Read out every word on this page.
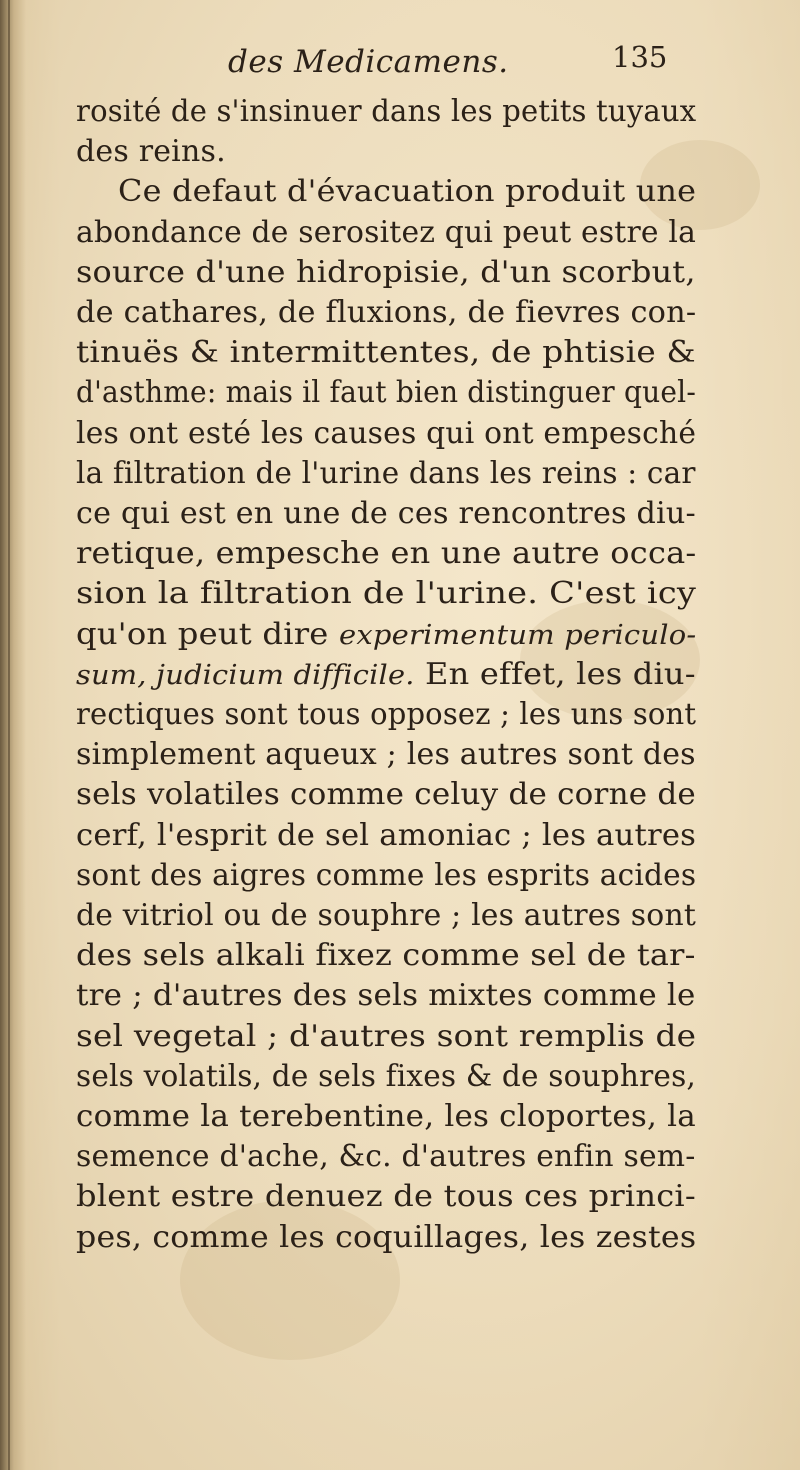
des Medicamens.	135
rosité de s'insinuer dans les petits tuyaux
des reins.
Ce defaut d'évacuation produit une
abondance de serositez qui peut estre la
source d'une hidropisie, d'un scorbut,
de cathares, de fluxions, de fievres con-
tinuës & intermittentes, de phtisie &
d'asthme: mais il faut bien distinguer quel-
les ont esté les causes qui ont empesché
la filtration de l'urine dans les reins : car
ce qui est en une de ces rencontres diu-
retique, empesche en une autre occa-
sion la filtration de l'urine. C'est icy
qu'on peut dire experimentum periculo-
sum, judicium difficile. En effet, les diu-
rectiques sont tous opposez ; les uns sont
simplement aqueux ; les autres sont des
sels volatiles comme celuy de corne de
cerf, l'esprit de sel amoniac ; les autres
sont des aigres comme les esprits acides
de vitriol ou de souphre ; les autres sont
des sels alkali fixez comme sel de tar-
tre ; d'autres des sels mixtes comme le
sel vegetal ; d'autres sont remplis de
sels volatils, de sels fixes & de souphres,
comme la terebentine, les cloportes, la
semence d'ache, &c. d'autres enfin sem-
blent estre denuez de tous ces princi-
pes, comme les coquillages, les zestes
